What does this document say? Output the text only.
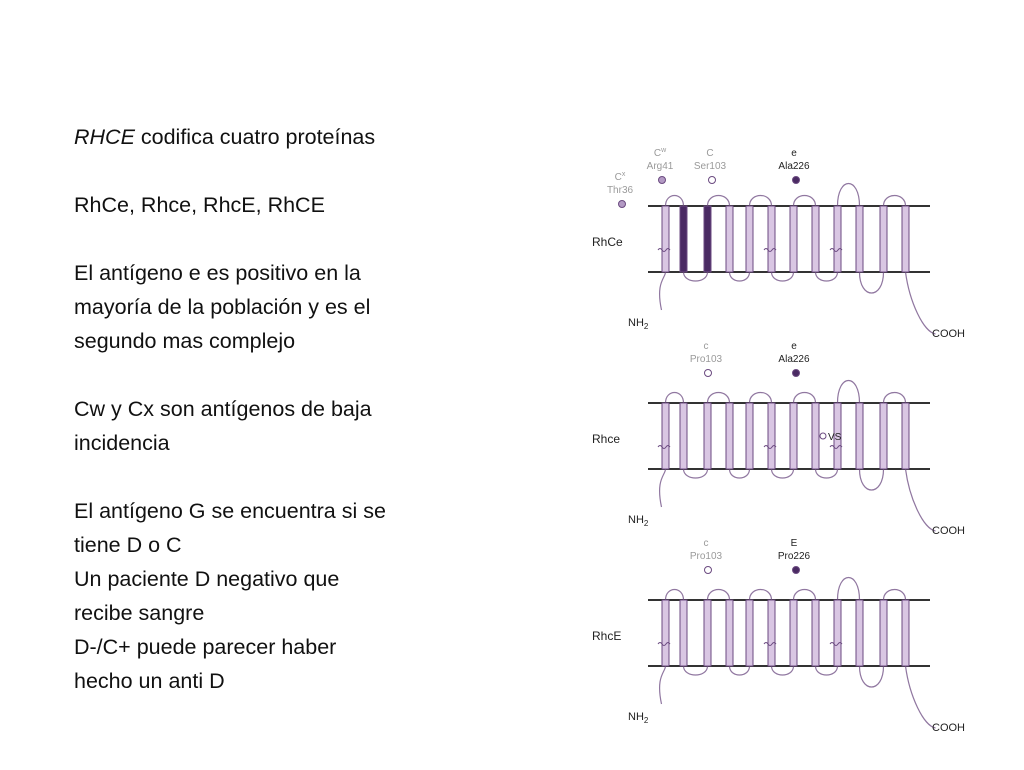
RHCE codifica cuatro proteínas

RhCe, Rhce, RhcE, RhCE

El antígeno e es positivo en la

mayoría de la población y es el

segundo mas complejo

Cw y Cx son antígenos de baja

incidencia

El antígeno G se encuentra si se

tiene D o C

Un paciente D negativo que

recibe sangre

D-/C+ puede parecer haber

hecho un anti D

RhCe
$C^x$
Thr36
$C^w$
Arg41
C
Ser103
e
Ala226
$NH_2$
COOH
Rhce
c
Pro103
e
Ala226
VS
$NH_2$
COOH
RhcE
c
Pro103
E
Pro226
$NH_2$
COOH
